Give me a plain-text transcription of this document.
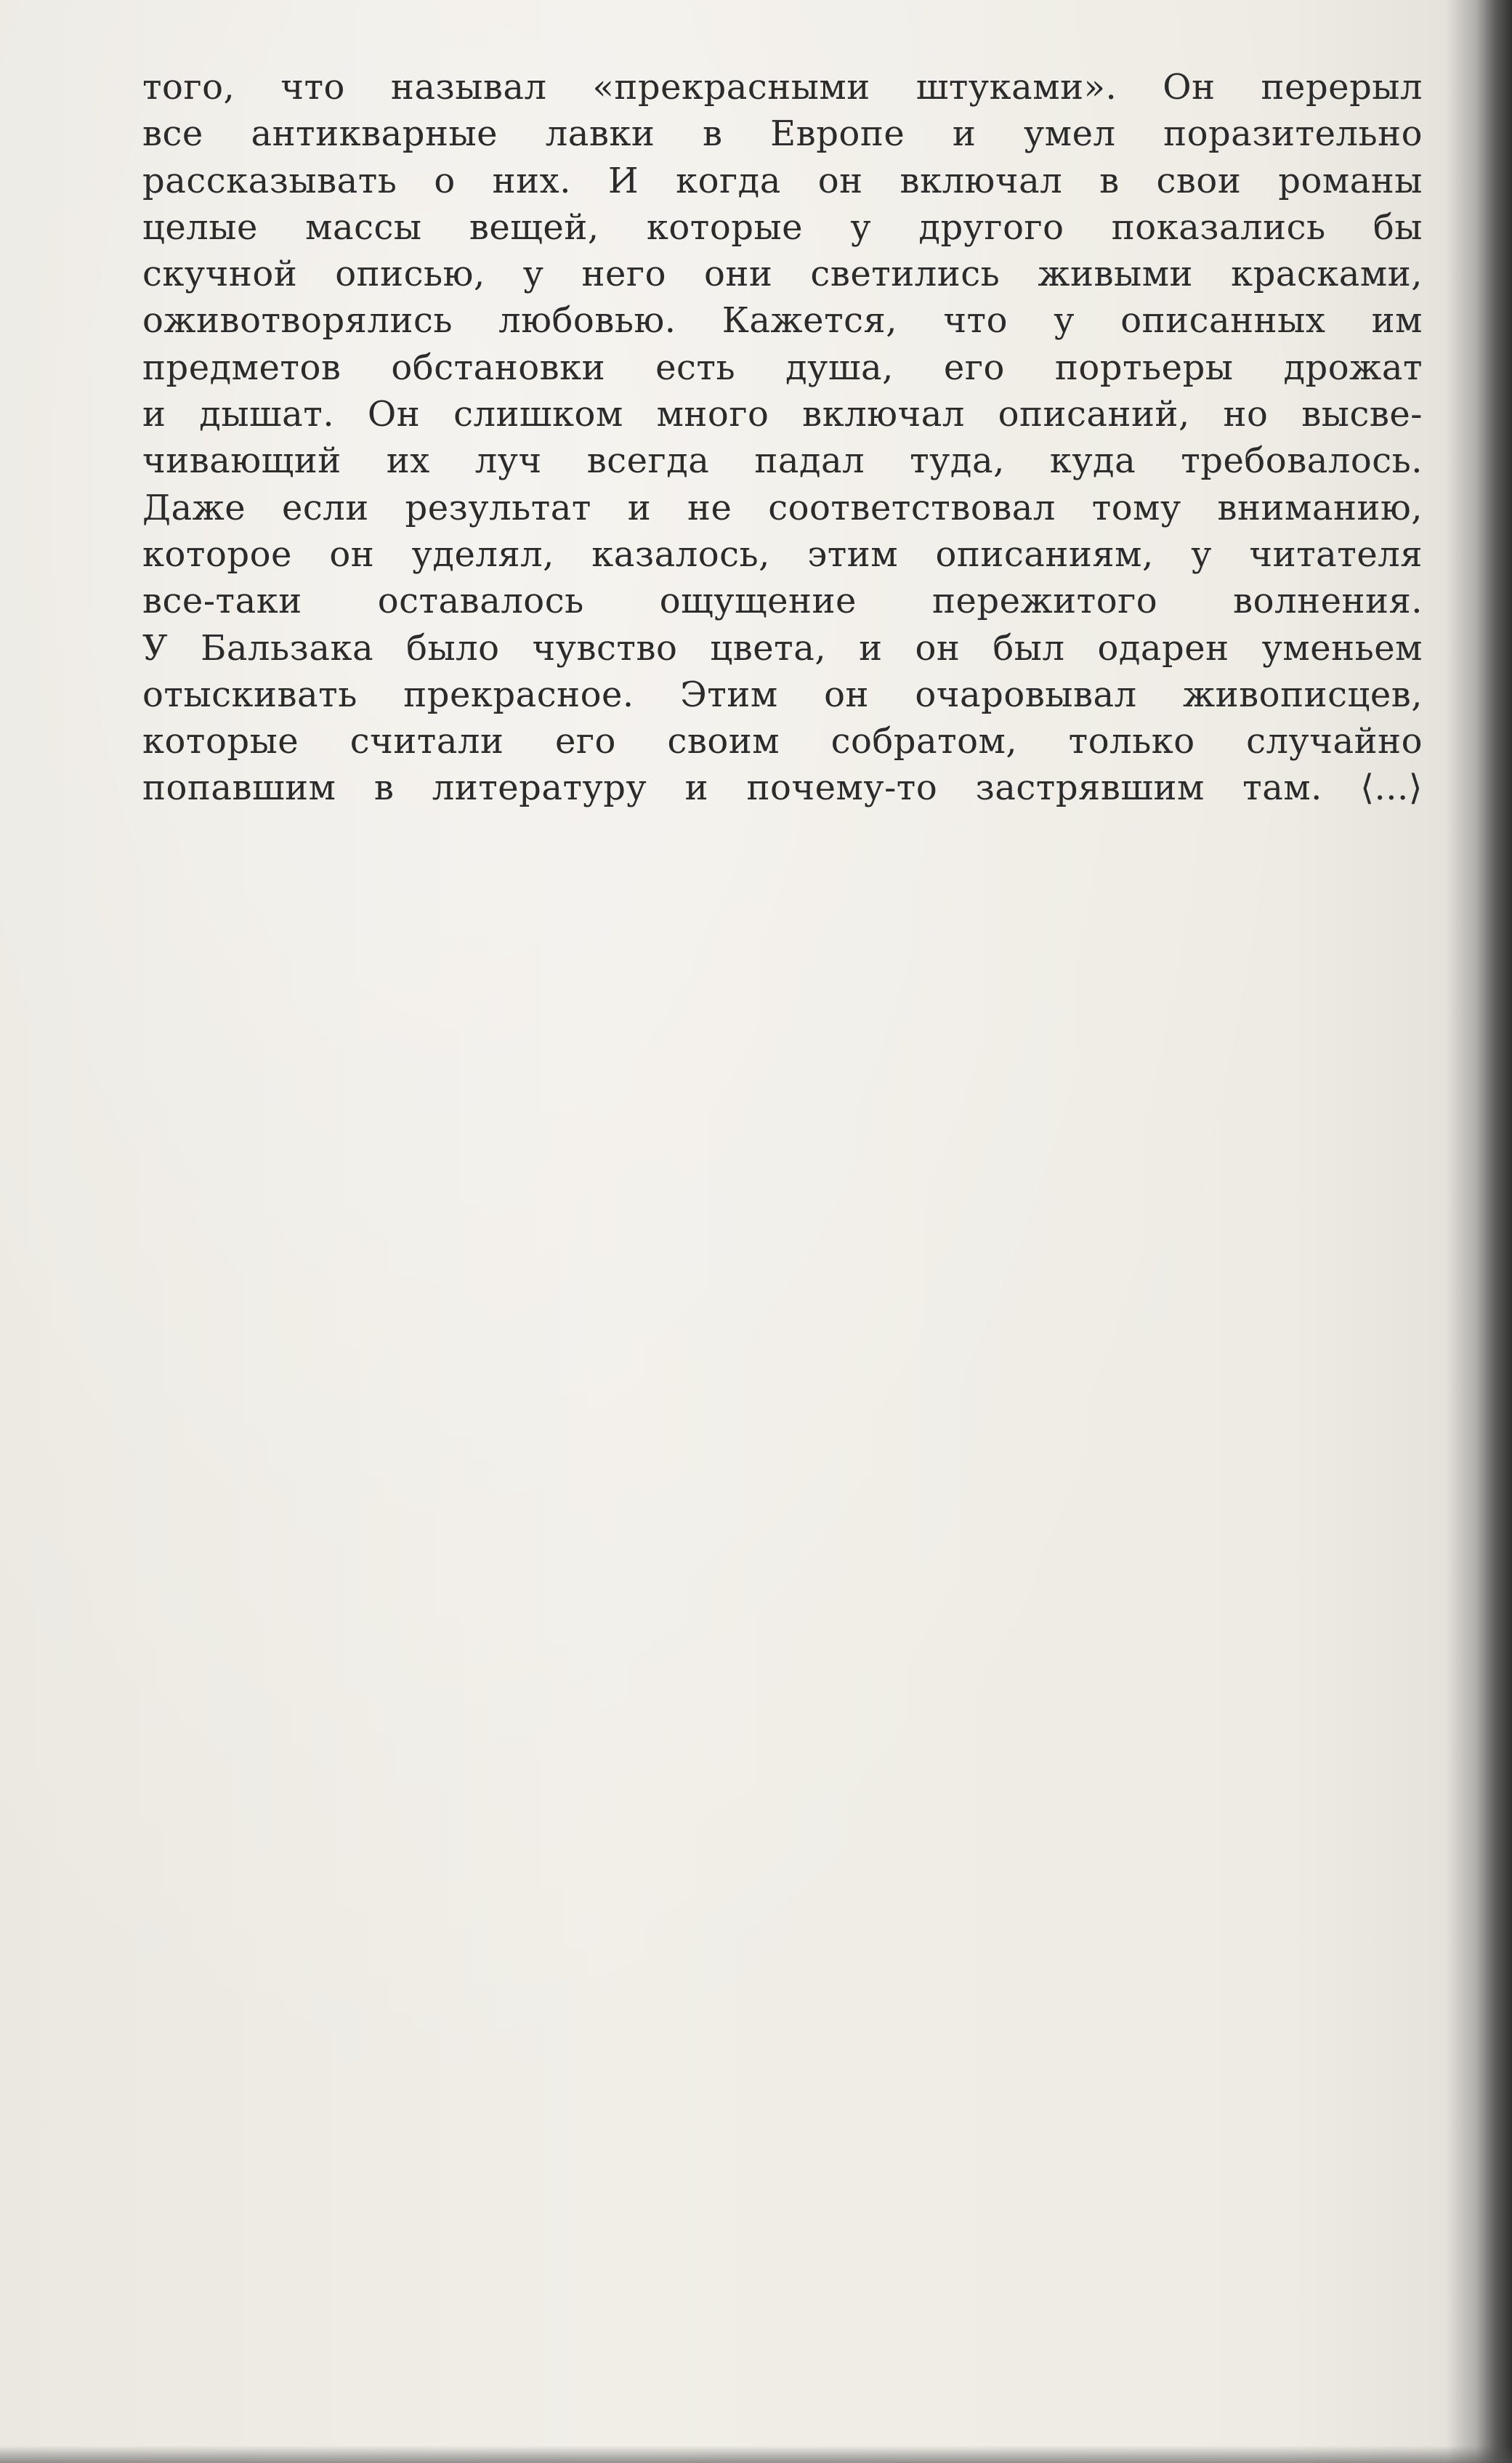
того, что называл «прекрасными штуками». Он перерыл
все антикварные лавки в Европе и умел поразительно
рассказывать о них. И когда он включал в свои романы
целые массы вещей, которые у другого показались бы
скучной описью, у него они светились живыми красками,
оживотворялись любовью. Кажется, что у описанных им
предметов обстановки есть душа, его портьеры дрожат
и дышат. Он слишком много включал описаний, но высве-
чивающий их луч всегда падал туда, куда требовалось.
Даже если результат и не соответствовал тому вниманию,
которое он уделял, казалось, этим описаниям, у читателя
все-таки оставалось ощущение пережитого волнения.
У Бальзака было чувство цвета, и он был одарен уменьем
отыскивать прекрасное. Этим он очаровывал живописцев,
которые считали его своим собратом, только случайно
попавшим в литературу и почему-то застрявшим там. ⟨...⟩
